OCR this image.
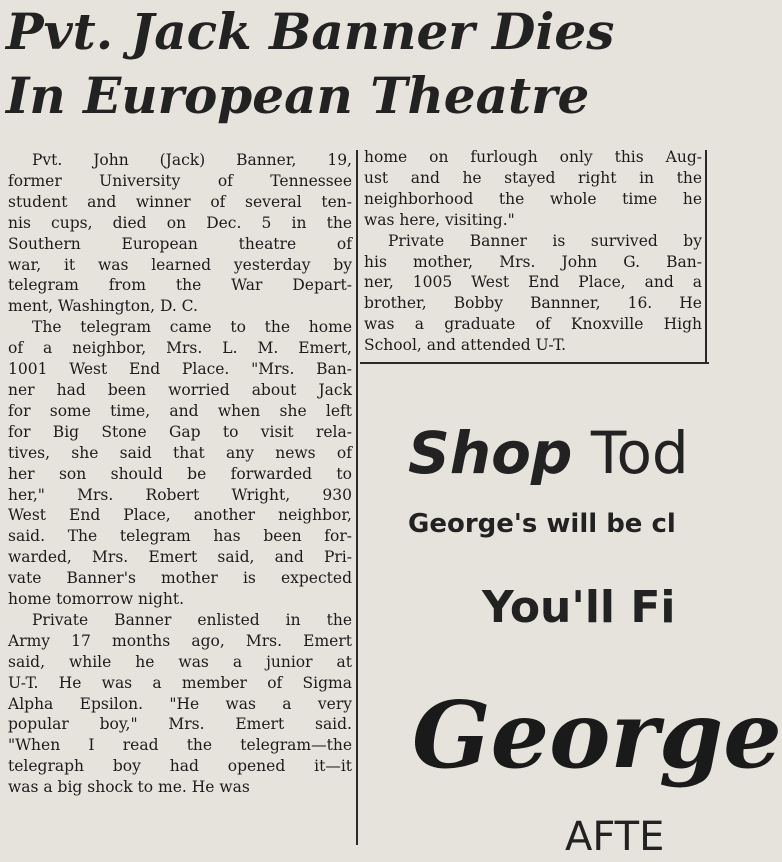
Pvt. Jack Banner Dies
In European Theatre
Pvt. John (Jack) Banner, 19,
former University of Tennessee
student and winner of several ten-
nis cups, died on Dec. 5 in the
Southern European theatre of
war, it was learned yesterday by
telegram from the War Depart-
ment, Washington, D. C.
The telegram came to the home
of a neighbor, Mrs. L. M. Emert,
1001 West End Place. "Mrs. Ban-
ner had been worried about Jack
for some time, and when she left
for Big Stone Gap to visit rela-
tives, she said that any news of
her son should be forwarded to
her," Mrs. Robert Wright, 930
West End Place, another neighbor,
said. The telegram has been for-
warded, Mrs. Emert said, and Pri-
vate Banner's mother is expected
home tomorrow night.
Private Banner enlisted in the
Army 17 months ago, Mrs. Emert
said, while he was a junior at
U-T. He was a member of Sigma
Alpha Epsilon. "He was a very
popular boy," Mrs. Emert said.
"When I read the telegram—the
telegraph boy had opened it—it
was a big shock to me. He was
home on furlough only this Aug-
ust and he stayed right in the
neighborhood the whole time he
was here, visiting."
Private Banner is survived by
his mother, Mrs. John G. Ban-
ner, 1005 West End Place, and a
brother, Bobby Bannner, 16. He
was a graduate of Knoxville High
School, and attended U-T.
Shop Tod
George's will be cl
You'll Fi
George
AFTE
